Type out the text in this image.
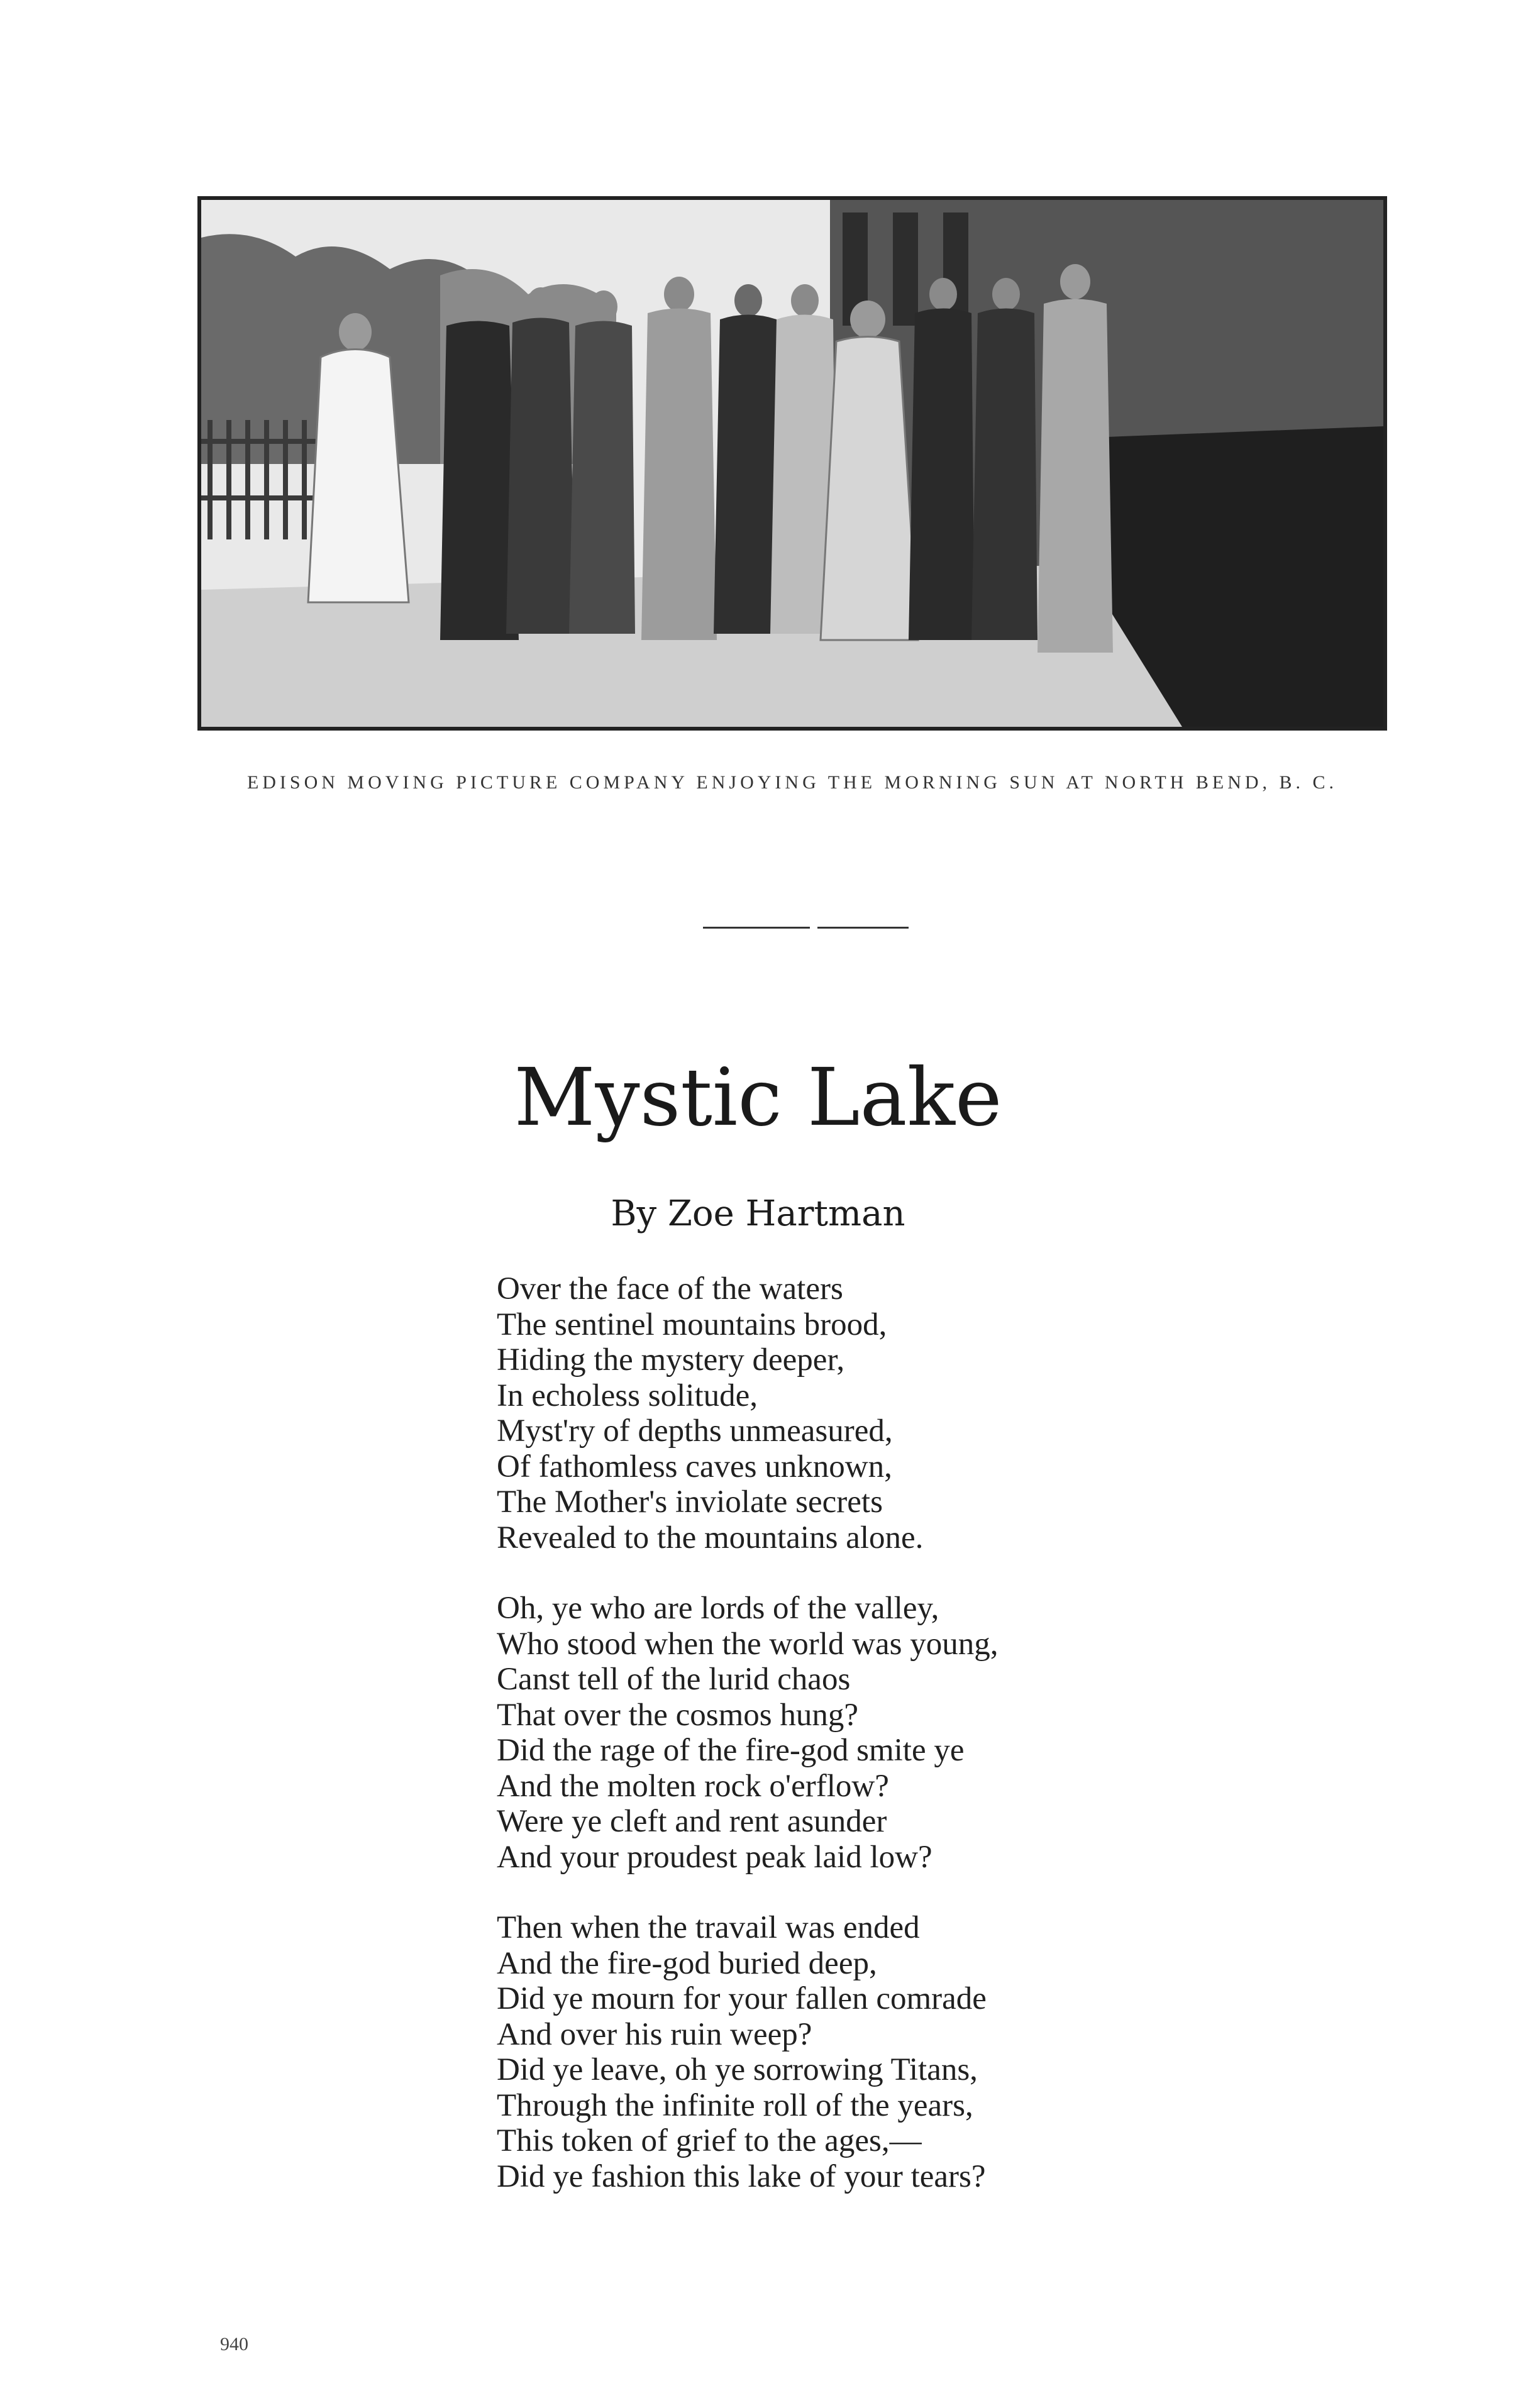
EDISON MOVING PICTURE COMPANY ENJOYING THE MORNING SUN AT NORTH BEND, B. C.
Mystic Lake
By Zoe Hartman
Over the face of the waters
The sentinel mountains brood,
Hiding the mystery deeper,
In echoless solitude,
Myst'ry of depths unmeasured,
Of fathomless caves unknown,
The Mother's inviolate secrets
Revealed to the mountains alone.
Oh, ye who are lords of the valley,
Who stood when the world was young,
Canst tell of the lurid chaos
That over the cosmos hung?
Did the rage of the fire-god smite ye
And the molten rock o'erflow?
Were ye cleft and rent asunder
And your proudest peak laid low?
Then when the travail was ended
And the fire-god buried deep,
Did ye mourn for your fallen comrade
And over his ruin weep?
Did ye leave, oh ye sorrowing Titans,
Through the infinite roll of the years,
This token of grief to the ages,—
Did ye fashion this lake of your tears?
940
